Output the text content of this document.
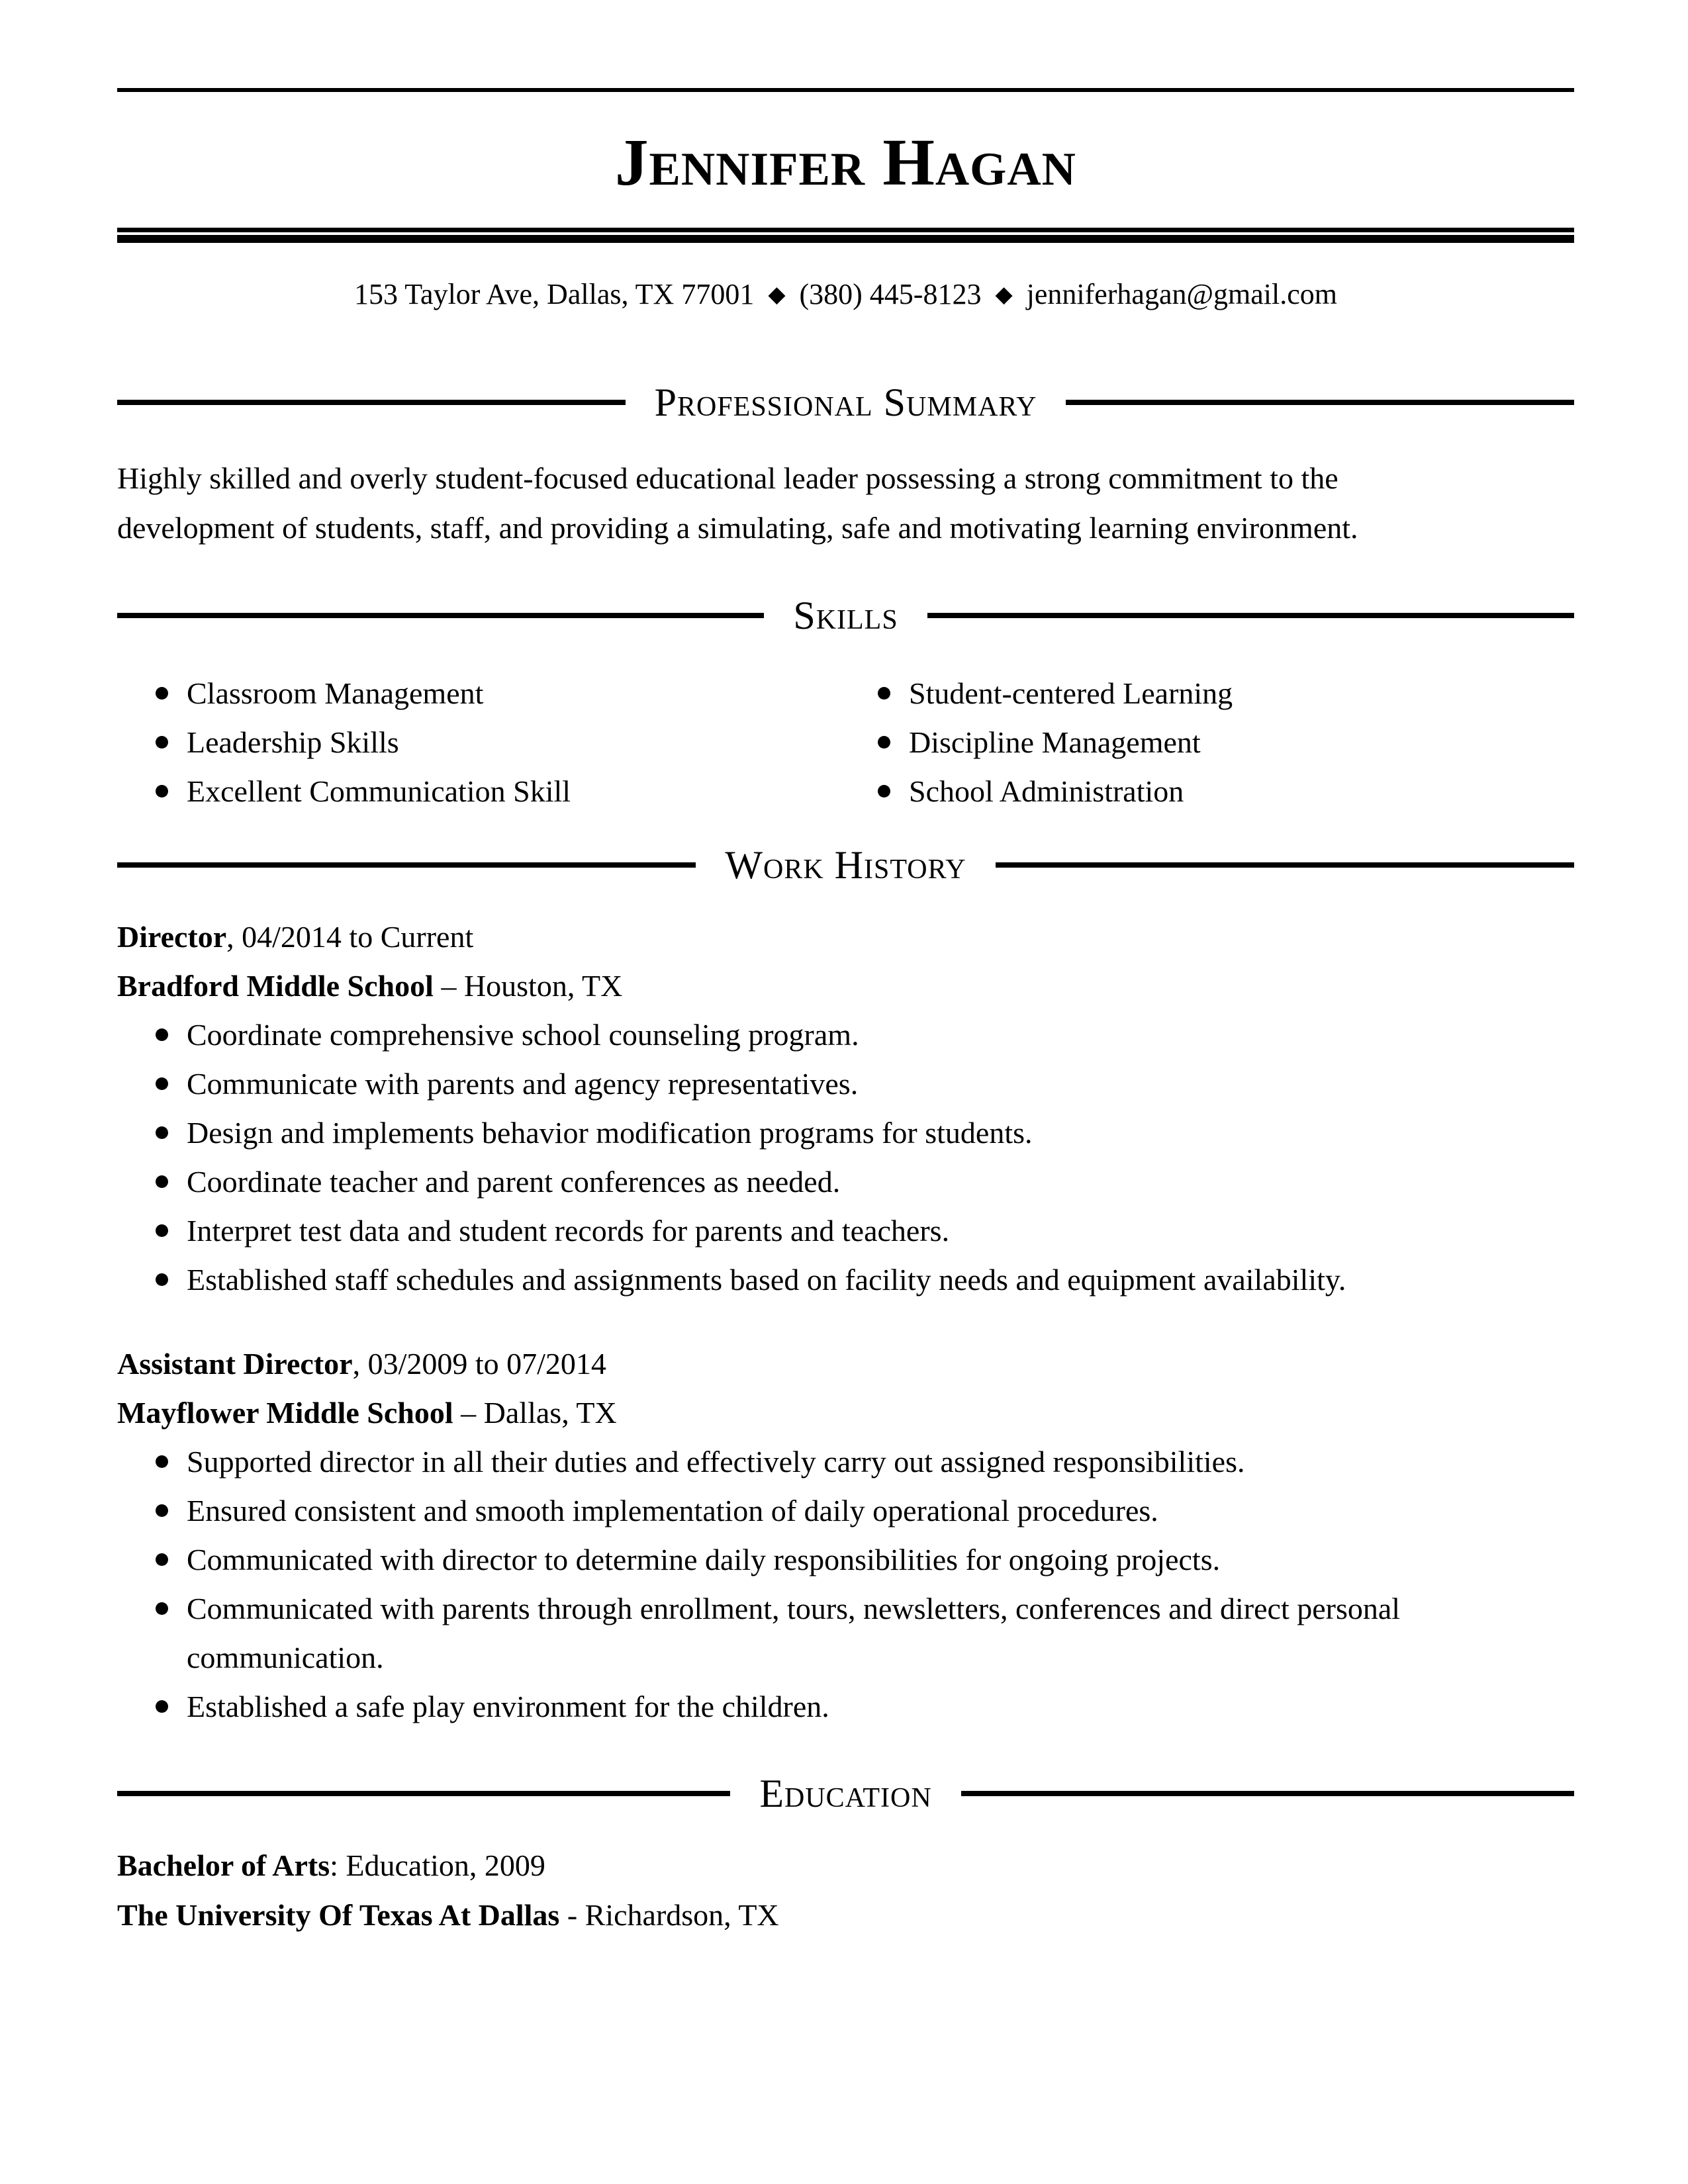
Jennifer Hagan
153 Taylor Ave, Dallas, TX 77001 ◆ (380) 445-8123 ◆ jenniferhagan@gmail.com
Professional Summary
Highly skilled and overly student-focused educational leader possessing a strong commitment to the
development of students, staff, and providing a simulating, safe and motivating learning environment.
Skills
Classroom Management
Leadership Skills
Excellent Communication Skill
Student-centered Learning
Discipline Management
School Administration
Work History
Director, 04/2014 to Current
Bradford Middle School – Houston, TX
Coordinate comprehensive school counseling program.
Communicate with parents and agency representatives.
Design and implements behavior modification programs for students.
Coordinate teacher and parent conferences as needed.
Interpret test data and student records for parents and teachers.
Established staff schedules and assignments based on facility needs and equipment availability.
Assistant Director, 03/2009 to 07/2014
Mayflower Middle School – Dallas, TX
Supported director in all their duties and effectively carry out assigned responsibilities.
Ensured consistent and smooth implementation of daily operational procedures.
Communicated with director to determine daily responsibilities for ongoing projects.
Communicated with parents through enrollment, tours, newsletters, conferences and direct personal communication.
Established a safe play environment for the children.
Education
Bachelor of Arts: Education, 2009
The University Of Texas At Dallas - Richardson, TX
